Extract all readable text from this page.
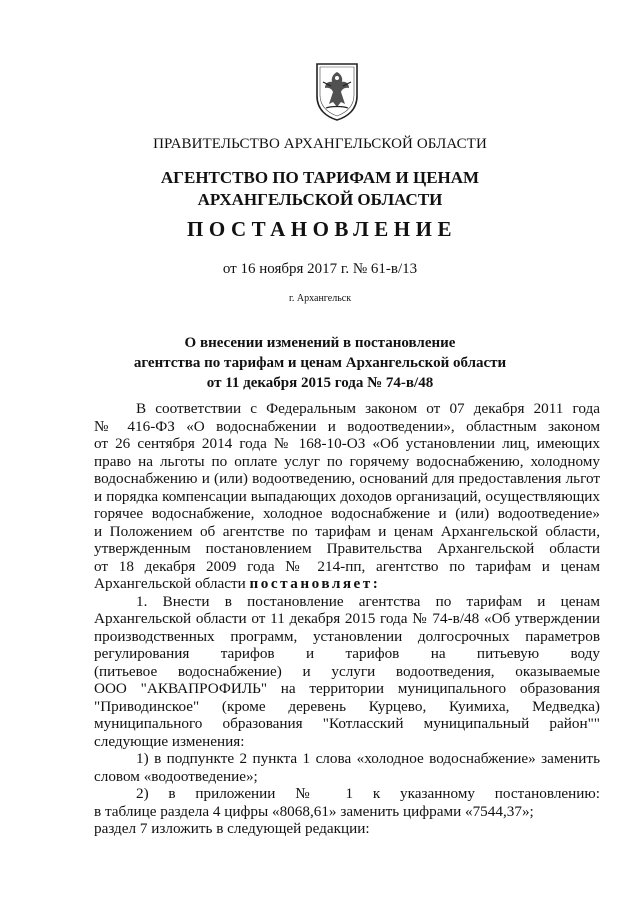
ПРАВИТЕЛЬСТВО АРХАНГЕЛЬСКОЙ ОБЛАСТИ
АГЕНТСТВО ПО ТАРИФАМ И ЦЕНАМ
АРХАНГЕЛЬСКОЙ ОБЛАСТИ
ПОСТАНОВЛЕНИЕ
от 16 ноября 2017 г. № 61-в/13
г. Архангельск
О внесении изменений в постановление
агентства по тарифам и ценам Архангельской области
от 11 декабря 2015 года № 74-в/48
В соответствии с Федеральным законом от 07 декабря 2011 года
№ 416-ФЗ «О водоснабжении и водоотведении», областным законом
от 26 сентября 2014 года № 168-10-ОЗ «Об установлении лиц, имеющих
право на льготы по оплате услуг по горячему водоснабжению, холодному
водоснабжению и (или) водоотведению, оснований для предоставления льгот
и порядка компенсации выпадающих доходов организаций, осуществляющих
горячее водоснабжение, холодное водоснабжение и (или) водоотведение»
и Положением об агентстве по тарифам и ценам Архангельской области,
утвержденным постановлением Правительства Архангельской области
от 18 декабря 2009 года № 214-пп, агентство по тарифам и ценам
Архангельской области постановляет:
1. Внести в постановление агентства по тарифам и ценам
Архангельской области от 11 декабря 2015 года № 74-в/48 «Об утверждении
производственных программ, установлении долгосрочных параметров
регулирования тарифов и тарифов на питьевую воду
(питьевое водоснабжение) и услуги водоотведения, оказываемые
ООО "АКВАПРОФИЛЬ" на территории муниципального образования
"Приводинское" (кроме деревень Курцево, Куимиха, Медведка)
муниципального образования "Котласский муниципальный район""
следующие изменения:
1) в подпункте 2 пункта 1 слова «холодное водоснабжение» заменить
словом «водоотведение»;
2) в приложении № 1 к указанному постановлению:
в таблице раздела 4 цифры «8068,61» заменить цифрами «7544,37»;
раздел 7 изложить в следующей редакции:
